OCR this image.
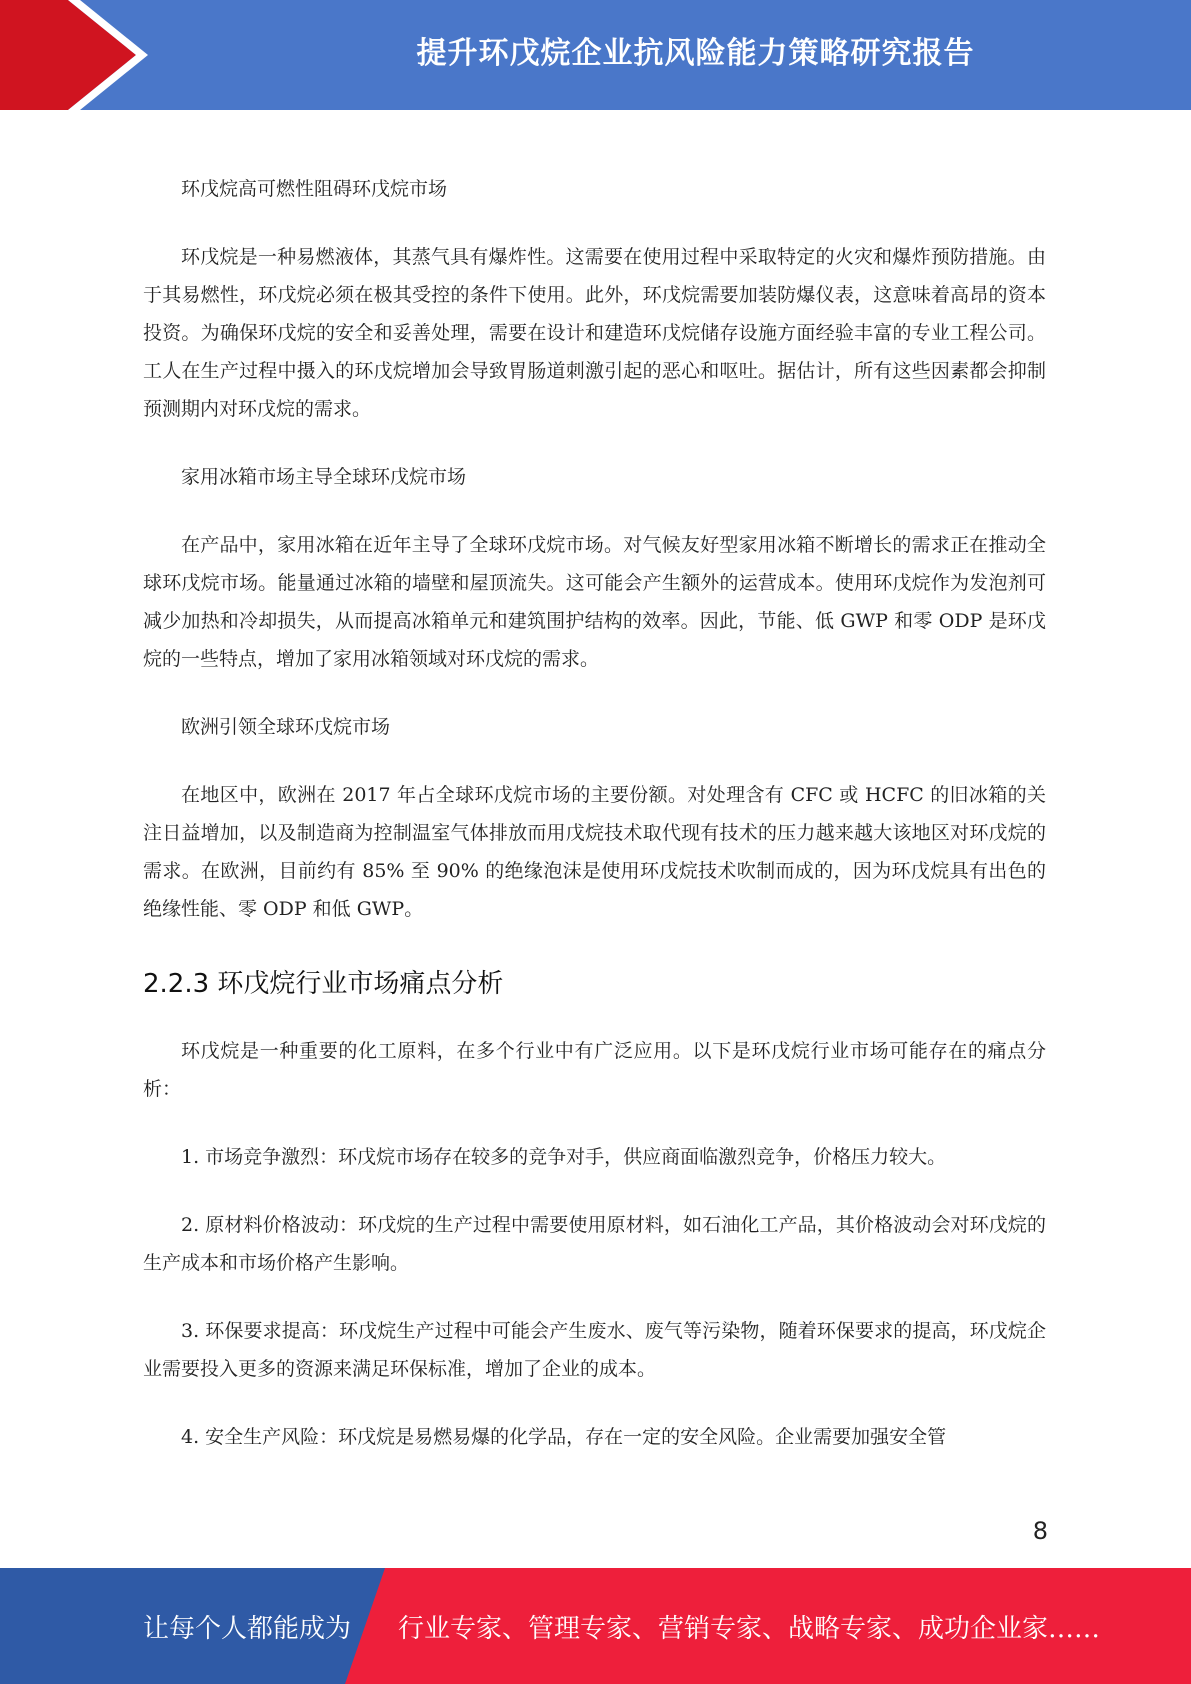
提升环戊烷企业抗风险能力策略研究报告

环戊烷高可燃性阻碍环戊烷市场

环戊烷是一种易燃液体，其蒸气具有爆炸性。这需要在使用过程中采取特定的火灾和爆炸预防措施。由于其易燃性，环戊烷必须在极其受控的条件下使用。此外，环戊烷需要加装防爆仪表，这意味着高昂的资本投资。为确保环戊烷的安全和妥善处理，需要在设计和建造环戊烷储存设施方面经验丰富的专业工程公司。工人在生产过程中摄入的环戊烷增加会导致胃肠道刺激引起的恶心和呕吐。据估计，所有这些因素都会抑制预测期内对环戊烷的需求。

家用冰箱市场主导全球环戊烷市场

在产品中，家用冰箱在近年主导了全球环戊烷市场。对气候友好型家用冰箱不断增长的需求正在推动全球环戊烷市场。能量通过冰箱的墙壁和屋顶流失。这可能会产生额外的运营成本。使用环戊烷作为发泡剂可减少加热和冷却损失，从而提高冰箱单元和建筑围护结构的效率。因此，节能、低 GWP 和零 ODP 是环戊烷的一些特点，增加了家用冰箱领域对环戊烷的需求。

欧洲引领全球环戊烷市场

在地区中，欧洲在 2017 年占全球环戊烷市场的主要份额。对处理含有 CFC 或 HCFC 的旧冰箱的关注日益增加，以及制造商为控制温室气体排放而用戊烷技术取代现有技术的压力越来越大该地区对环戊烷的需求。在欧洲，目前约有 85% 至 90% 的绝缘泡沫是使用环戊烷技术吹制而成的，因为环戊烷具有出色的绝缘性能、零 ODP 和低 GWP。

2.2.3 环戊烷行业市场痛点分析

环戊烷是一种重要的化工原料，在多个行业中有广泛应用。以下是环戊烷行业市场可能存在的痛点分析：

1. 市场竞争激烈：环戊烷市场存在较多的竞争对手，供应商面临激烈竞争，价格压力较大。

2. 原材料价格波动：环戊烷的生产过程中需要使用原材料，如石油化工产品，其价格波动会对环戊烷的生产成本和市场价格产生影响。

3. 环保要求提高：环戊烷生产过程中可能会产生废水、废气等污染物，随着环保要求的提高，环戊烷企业需要投入更多的资源来满足环保标准，增加了企业的成本。

4. 安全生产风险：环戊烷是易燃易爆的化学品，存在一定的安全风险。企业需要加强安全管

8
让每个人都能成为 行业专家、管理专家、营销专家、战略专家、成功企业家……
